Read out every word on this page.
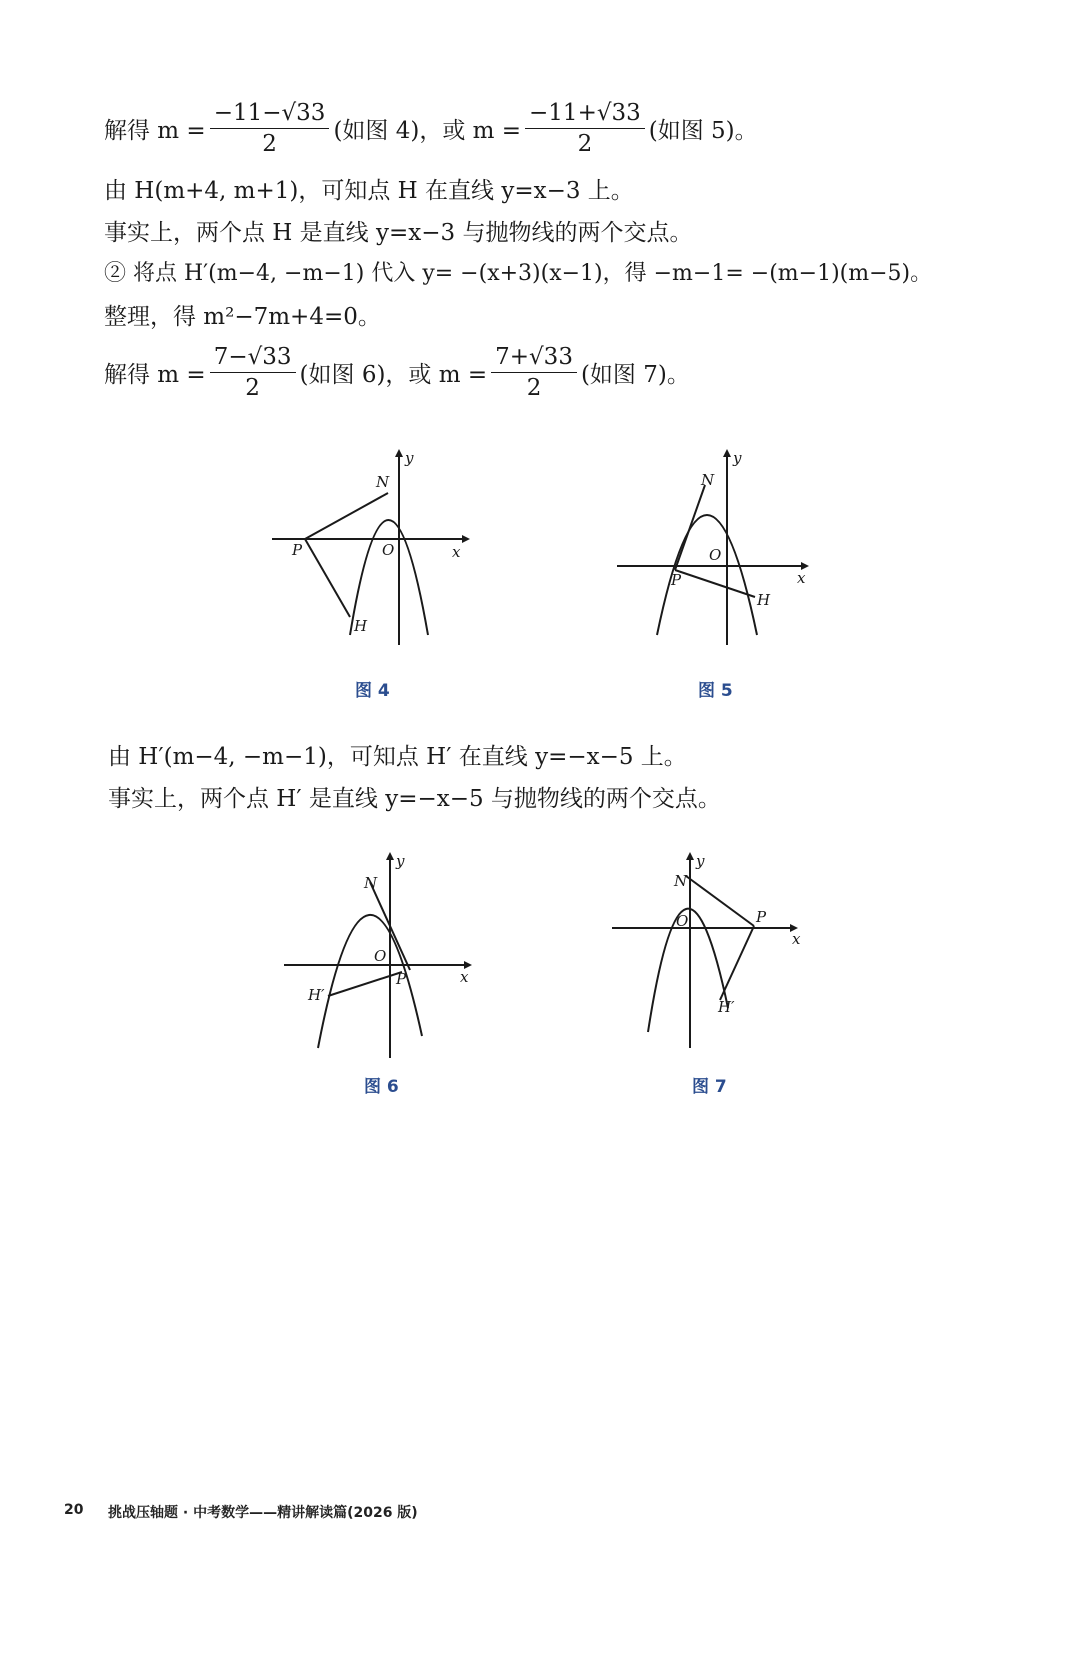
解得 $m = \frac{-11-√33}{2}$ (如图 4)，或 $m = \frac{-11+√33}{2}$ (如图 5)。
由 H(m+4, m+1)，可知点 H 在直线 y=x−3 上。
事实上，两个点 H 是直线 y=x−3 与抛物线的两个交点。
② 将点 H′(m−4, −m−1) 代入 y= −(x+3)(x−1)，得 −m−1= −(m−1)(m−5)。
整理，得 m²−7m+4=0。
解得 $m = \frac{7-√33}{2}$ (如图 6)，或 $m = \frac{7+√33}{2}$ (如图 7)。
y
N
P	O	x
H
图 4
y
N
O
P	x
H
图 5
由 H′(m−4, −m−1)，可知点 H′ 在直线 y=−x−5 上。
事实上，两个点 H′ 是直线 y=−x−5 与抛物线的两个交点。
y
N
O
P	x
H′
图 6
y
N
O	P
x
H′
图 7
20 挑战压轴题 · 中考数学——精讲解读篇(2026 版)
